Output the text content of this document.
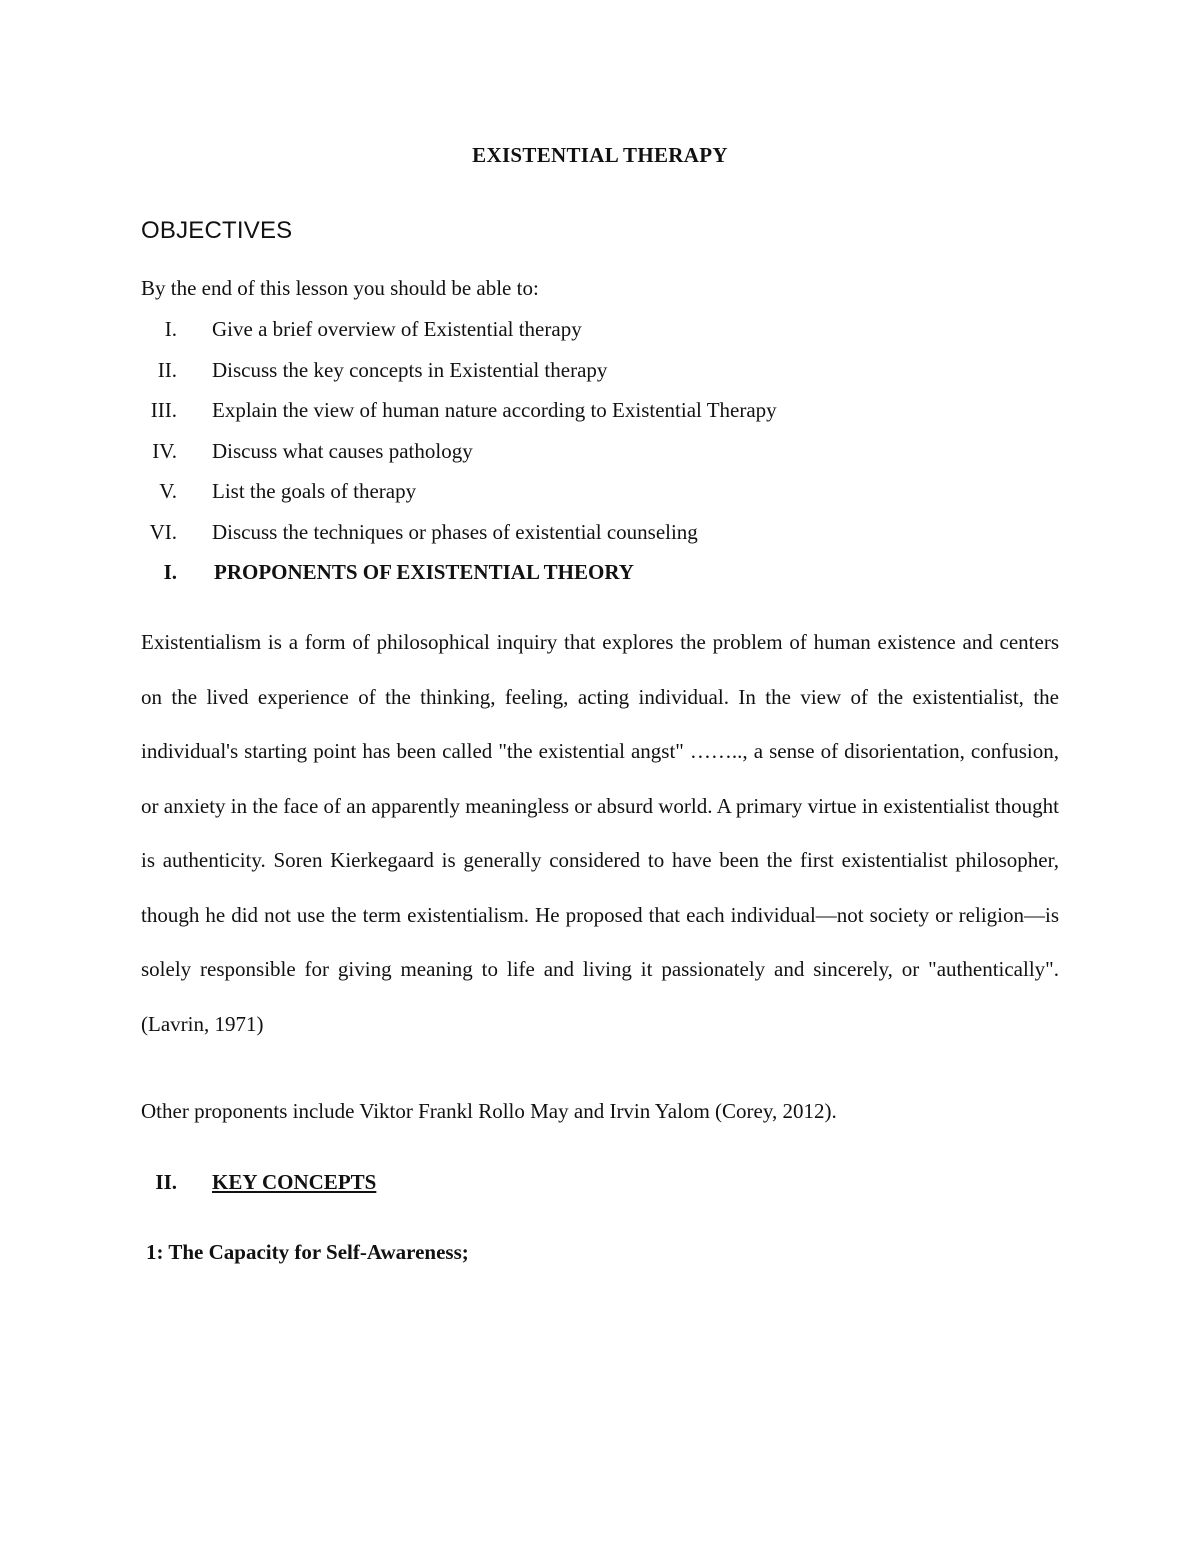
EXISTENTIAL THERAPY
OBJECTIVES
By the end of this lesson you should be able to:
I. Give a brief overview of Existential therapy
II. Discuss the key concepts in Existential therapy
III. Explain the view of human nature according to Existential Therapy
IV. Discuss what causes pathology
V. List the goals of therapy
VI. Discuss the techniques or phases of existential counseling
I. PROPONENTS OF EXISTENTIAL THEORY
Existentialism is a form of philosophical inquiry that explores the problem of human existence and centers on the lived experience of the thinking, feeling, acting individual. In the view of the existentialist, the individual's starting point has been called "the existential angst" …….., a sense of disorientation, confusion, or anxiety in the face of an apparently meaningless or absurd world. A primary virtue in existentialist thought is authenticity. Soren Kierkegaard is generally considered to have been the first existentialist philosopher, though he did not use the term existentialism. He proposed that each individual—not society or religion—is solely responsible for giving meaning to life and living it passionately and sincerely, or "authentically". (Lavrin, 1971)
Other proponents include Viktor Frankl Rollo May and Irvin Yalom (Corey, 2012).
II. KEY CONCEPTS
1: The Capacity for Self-Awareness;
